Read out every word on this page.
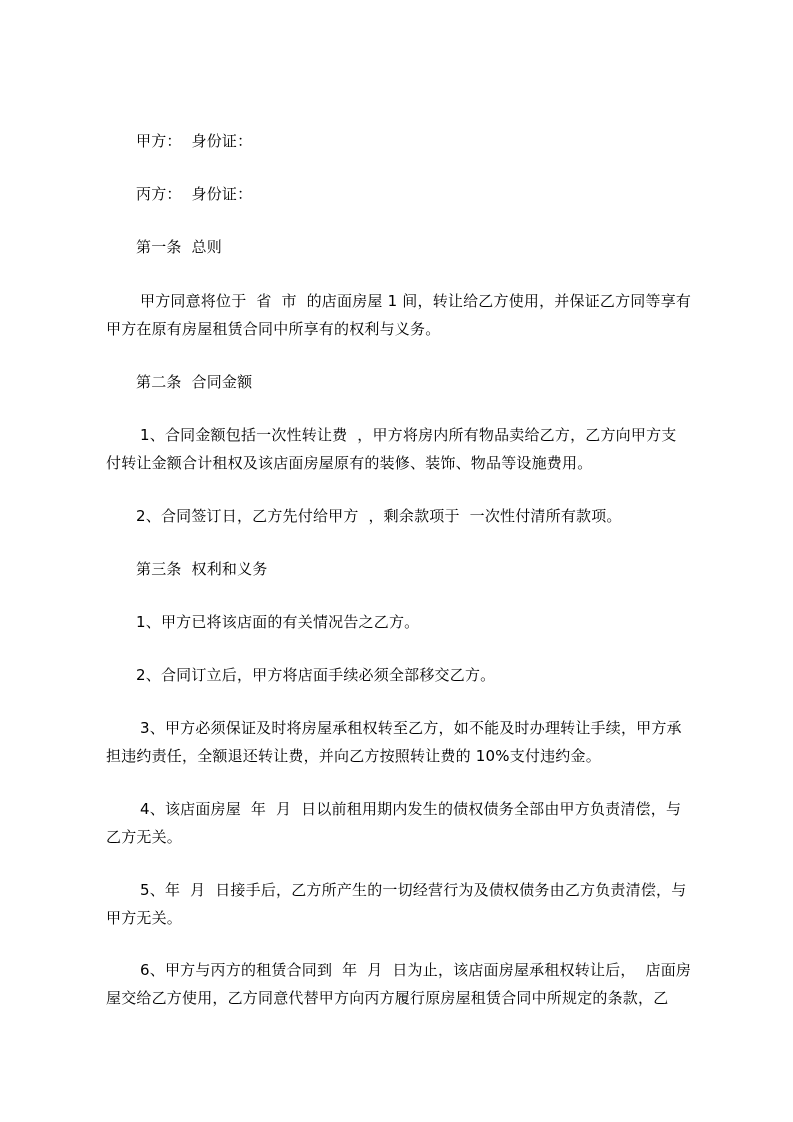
甲方：  身份证：
丙方：  身份证：
第一条  总则
甲方同意将位于  省  市  的店面房屋 1 间，转让给乙方使用，并保证乙方同等享有
甲方在原有房屋租赁合同中所享有的权利与义务。
第二条  合同金额
1、合同金额包括一次性转让费  ，甲方将房内所有物品卖给乙方，乙方向甲方支
付转让金额合计租权及该店面房屋原有的装修、装饰、物品等设施费用。
2、合同签订日，乙方先付给甲方  ，剩余款项于  一次性付清所有款项。
第三条  权利和义务
1、甲方已将该店面的有关情况告之乙方。
2、合同订立后，甲方将店面手续必须全部移交乙方。
3、甲方必须保证及时将房屋承租权转至乙方，如不能及时办理转让手续，甲方承
担违约责任，全额退还转让费，并向乙方按照转让费的 10%支付违约金。
4、该店面房屋  年  月  日以前租用期内发生的债权债务全部由甲方负责清偿，与
乙方无关。
5、年  月  日接手后，乙方所产生的一切经营行为及债权债务由乙方负责清偿，与
甲方无关。
6、甲方与丙方的租赁合同到  年  月  日为止，该店面房屋承租权转让后，  店面房
屋交给乙方使用，乙方同意代替甲方向丙方履行原房屋租赁合同中所规定的条款，乙
